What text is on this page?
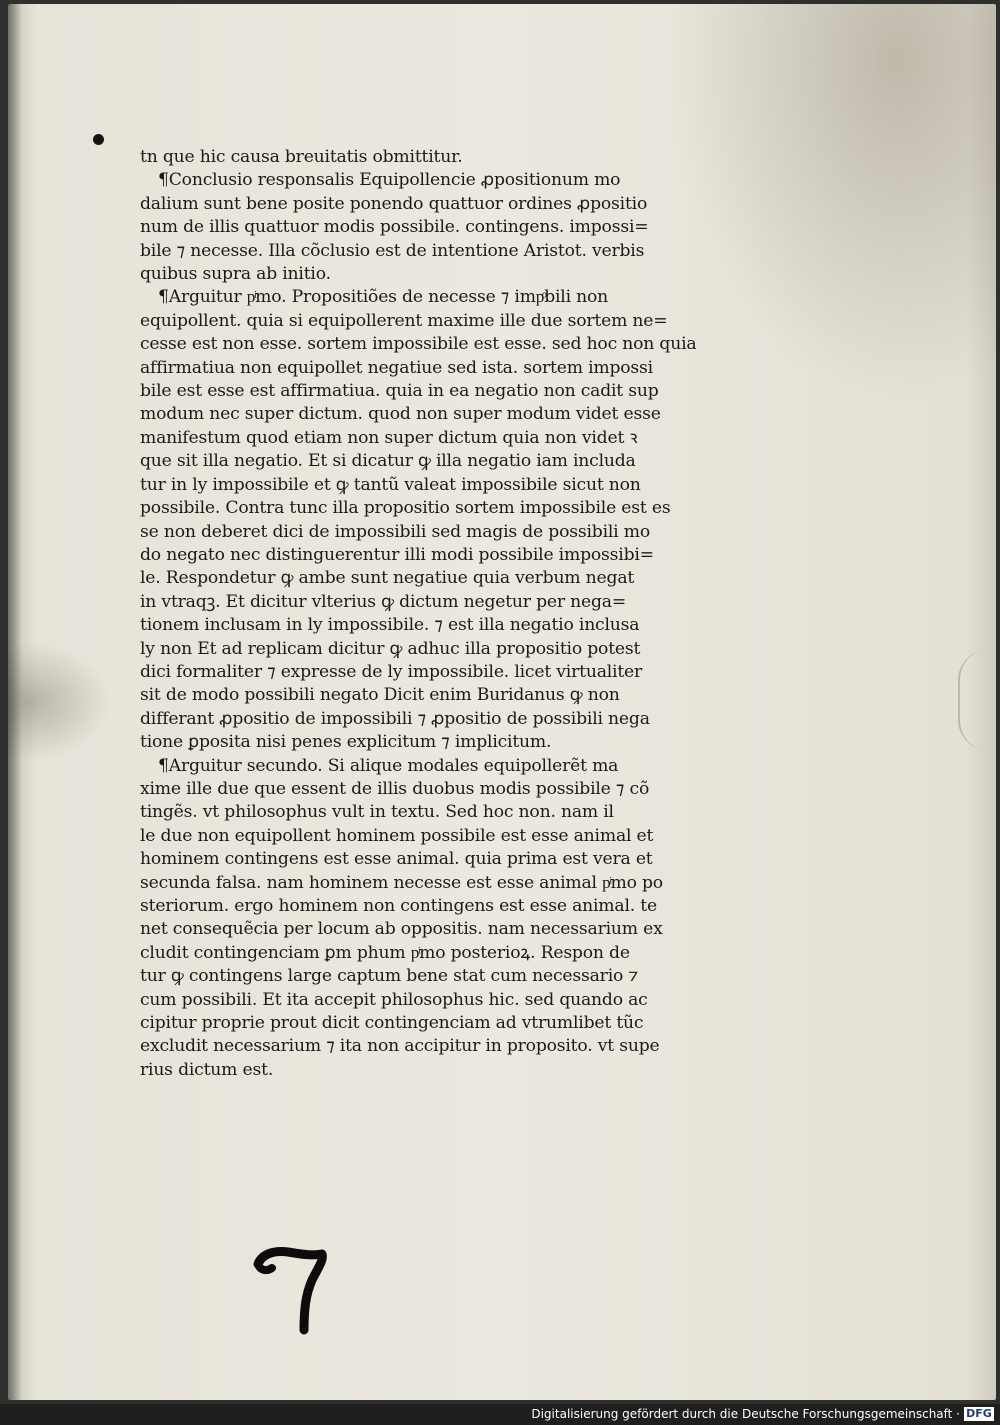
tn que hic causa breuitatis obmittitur.
¶Conclusio responsalis Equipollencie ꝓpositionum mo
dalium sunt bene posite ponendo quattuor ordines ꝓpositio
num de illis quattuor modis possibile. contingens. impossi=
bile ⁊ necesse. Illa cõclusio est de intentione Aristot. verbis
quibus supra ab initio.
¶Arguitur pͥmo. Propositiões de necesse ⁊ impͦbili non
equipollent. quia si equipollerent maxime ille due sortem ne=
cesse est non esse. sortem impossibile est esse. sed hoc non quia
affirmatiua non equipollet negatiue sed ista. sortem impossi
bile est esse est affirmatiua. quia in ea negatio non cadit sup
modum nec super dictum. quod non super modum videt esse
manifestum quod etiam non super dictum quia non videt ꝛ
que sit illa negatio. Et si dicatur ꝙ illa negatio iam includa
tur in ly impossibile et ꝙ tantũ valeat impossibile sicut non
possibile. Contra tunc illa propositio sortem impossibile est es
se non deberet dici de impossibili sed magis de possibili mo
do negato nec distinguerentur illi modi possibile impossibi=
le. Respondetur ꝙ ambe sunt negatiue quia verbum negat
in vtraqꝫ. Et dicitur vlterius ꝙ dictum negetur per nega=
tionem inclusam in ly impossibile. ⁊ est illa negatio inclusa
ly non Et ad replicam dicitur ꝙ adhuc illa propositio potest
dici formaliter ⁊ expresse de ly impossibile. licet virtualiter
sit de modo possibili negato Dicit enim Buridanus ꝙ non
differant ꝓpositio de impossibili ⁊ ꝓpositio de possibili nega
tione ꝑposita nisi penes explicitum ⁊ implicitum.
¶Arguitur secundo. Si alique modales equipollerẽt ma
xime ille due que essent de illis duobus modis possibile ⁊ cõ
tingẽs. vt philosophus vult in textu. Sed hoc non. nam il
le due non equipollent hominem possibile est esse animal et
hominem contingens est esse animal. quia prima est vera et
secunda falsa. nam hominem necesse est esse animal pͥmo po
steriorum. ergo hominem non contingens est esse animal. te
net consequẽcia per locum ab oppositis. nam necessarium ex
cludit contingenciam ꝑm phum pͥmo posterioꝝ. Respon de
tur ꝙ contingens large captum bene stat cum necessario ⁊
cum possibili. Et ita accepit philosophus hic. sed quando ac
cipitur proprie prout dicit contingenciam ad vtrumlibet tũc
excludit necessarium ⁊ ita non accipitur in proposito. vt supe
rius dictum est.
Digitalisierung gefördert durch die Deutsche Forschungsgemeinschaft · DFG
